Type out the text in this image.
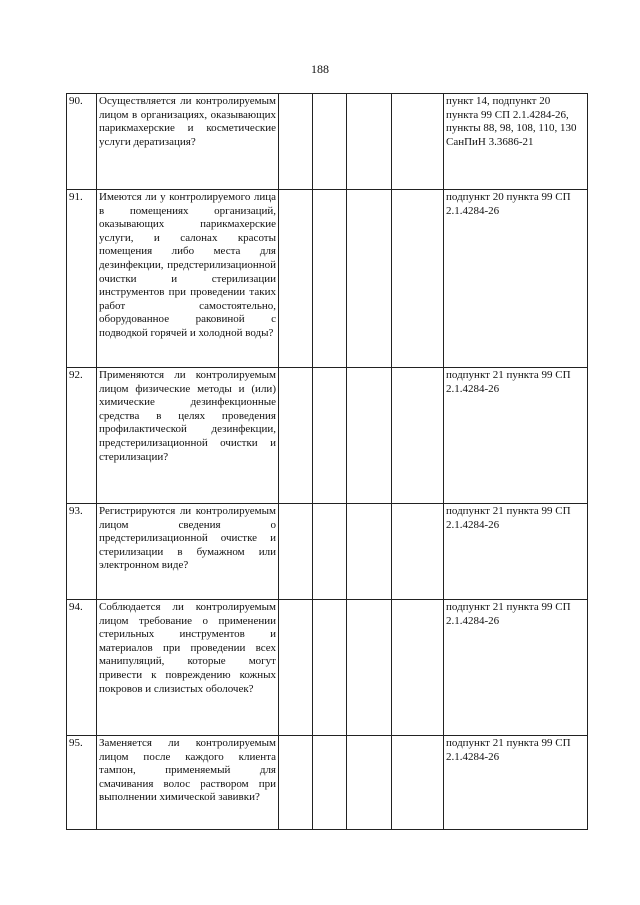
188
90.	Осуществляется ли контролируемым лицом в организациях, оказывающих парикмахерские и косметические услуги дератизация?					пункт 14, подпункт 20 пункта 99 СП 2.1.4284-26, пункты 88, 98, 108, 110, 130 СанПиН 3.3686-21
91.	Имеются ли у контролируемого лица в помещениях организаций, оказывающих парикмахерские услуги, и салонах красоты помещения либо места для дезинфекции, предстерилизационной очистки и стерилизации инструментов при проведении таких работ самостоятельно, оборудованное раковиной с подводкой горячей и холодной воды?					подпункт 20 пункта 99 СП 2.1.4284-26
92.	Применяются ли контролируемым лицом физические методы и (или) химические дезинфекционные средства в целях проведения профилактической дезинфекции, предстерилизационной очистки и стерилизации?					подпункт 21 пункта 99 СП 2.1.4284-26
93.	Регистрируются ли контролируемым лицом сведения о предстерилизационной очистке и стерилизации в бумажном или электронном виде?					подпункт 21 пункта 99 СП 2.1.4284-26
94.	Соблюдается ли контролируемым лицом требование о применении стерильных инструментов и материалов при проведении всех манипуляций, которые могут привести к повреждению кожных покровов и слизистых оболочек?					подпункт 21 пункта 99 СП 2.1.4284-26
95.	Заменяется ли контролируемым лицом после каждого клиента тампон, применяемый для смачивания волос раствором при выполнении химической завивки?					подпункт 21 пункта 99 СП 2.1.4284-26
